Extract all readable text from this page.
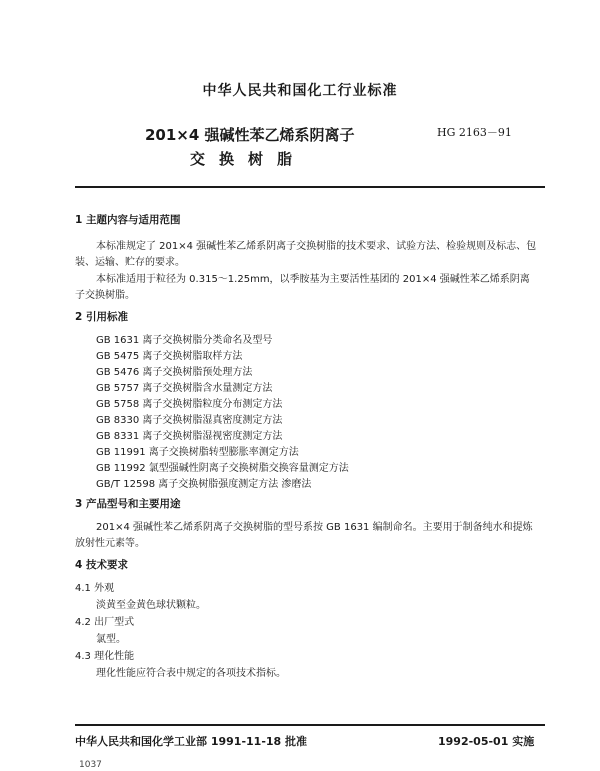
中华人民共和国化工行业标准
201×4 强碱性苯乙烯系阴离子
交换树脂
HG 2163－91
1 主题内容与适用范围
本标准规定了 201×4 强碱性苯乙烯系阴离子交换树脂的技术要求、试验方法、检验规则及标志、包
装、运输、贮存的要求。
本标准适用于粒径为 0.315～1.25mm，以季胺基为主要活性基团的 201×4 强碱性苯乙烯系阴离
子交换树脂。
2 引用标准
GB 1631 离子交换树脂分类命名及型号
GB 5475 离子交换树脂取样方法
GB 5476 离子交换树脂预处理方法
GB 5757 离子交换树脂含水量测定方法
GB 5758 离子交换树脂粒度分布测定方法
GB 8330 离子交换树脂湿真密度测定方法
GB 8331 离子交换树脂湿视密度测定方法
GB 11991 离子交换树脂转型膨胀率测定方法
GB 11992 氯型强碱性阴离子交换树脂交换容量测定方法
GB/T 12598 离子交换树脂强度测定方法 渗磨法
3 产品型号和主要用途
201×4 强碱性苯乙烯系阴离子交换树脂的型号系按 GB 1631 编制命名。主要用于制备纯水和提炼
放射性元素等。
4 技术要求
4.1 外观
淡黄至金黄色球状颗粒。
4.2 出厂型式
氯型。
4.3 理化性能
理化性能应符合表中规定的各项技术指标。
中华人民共和国化学工业部 1991-11-18 批准	1992-05-01 实施
1037
